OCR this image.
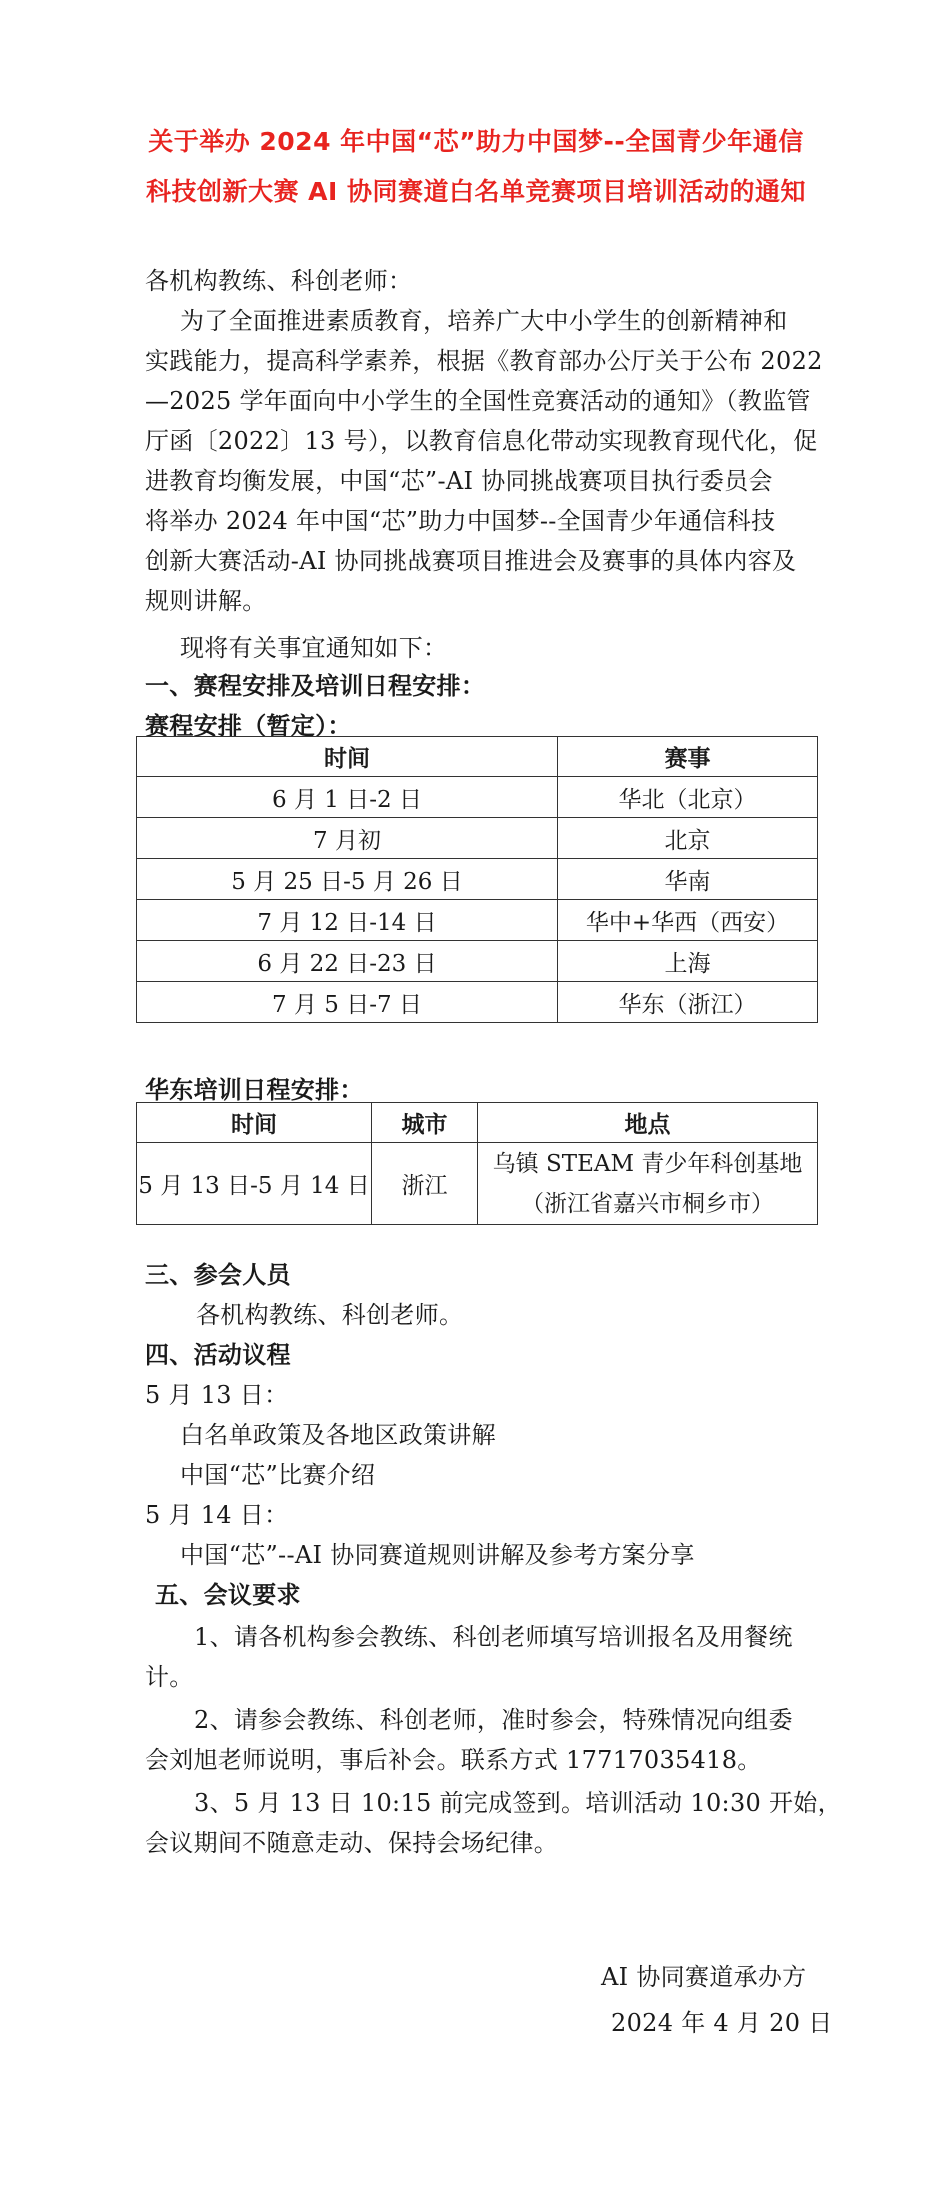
关于举办 2024 年中国“芯”助力中国梦--全国青少年通信
科技创新大赛 AI 协同赛道白名单竞赛项目培训活动的通知
各机构教练、科创老师：
为了全面推进素质教育，培养广大中小学生的创新精神和
实践能力，提高科学素养，根据《教育部办公厅关于公布 2022
—2025 学年面向中小学生的全国性竞赛活动的通知》（教监管
厅函〔2022〕13 号），以教育信息化带动实现教育现代化，促
进教育均衡发展，中国“芯”-AI 协同挑战赛项目执行委员会
将举办 2024 年中国“芯”助力中国梦--全国青少年通信科技
创新大赛活动-AI 协同挑战赛项目推进会及赛事的具体内容及
规则讲解。
现将有关事宜通知如下：
一、赛程安排及培训日程安排：
赛程安排（暂定）：
时间	赛事
6 月 1 日-2 日	华北（北京）
7 月初	北京
5 月 25 日-5 月 26 日	华南
7 月 12 日-14 日	华中+华西（西安）
6 月 22 日-23 日	上海
7 月 5 日-7 日	华东（浙江）
华东培训日程安排：
时间	城市	地点
5 月 13 日-5 月 14 日	浙江	乌镇 STEAM 青少年科创基地
（浙江省嘉兴市桐乡市）
三、参会人员
各机构教练、科创老师。
四、活动议程
5 月 13 日：
白名单政策及各地区政策讲解
中国“芯”比赛介绍
5 月 14 日：
中国“芯”--AI 协同赛道规则讲解及参考方案分享
五、会议要求
1、请各机构参会教练、科创老师填写培训报名及用餐统
计。
2、请参会教练、科创老师，准时参会，特殊情况向组委
会刘旭老师说明，事后补会。联系方式 17717035418。
3、5 月 13 日 10:15 前完成签到。培训活动 10:30 开始，
会议期间不随意走动、保持会场纪律。
AI 协同赛道承办方
2024 年 4 月 20 日
